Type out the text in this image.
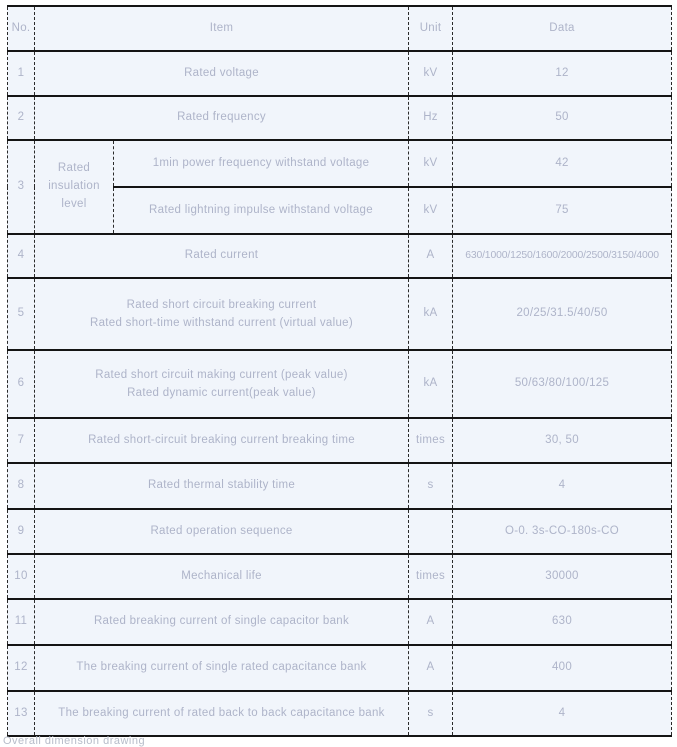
No.	Item		Unit	Data
1	Rated voltage		kV	12
2	Rated frequency		Hz	50
3	Rated insulation level	1min power frequency withstand voltage	kV	42
		Rated lightning impulse withstand voltage	kV	75
4	Rated current		A	630/1000/1250/1600/2000/2500/3150/4000
5	Rated short circuit breaking current
Rated short-time withstand current (virtual value)		kA	20/25/31.5/40/50
6	Rated short circuit making current (peak value)
Rated dynamic current(peak value)		kA	50/63/80/100/125
7	Rated short-circuit breaking current breaking time		times	30, 50
8	Rated thermal stability time		s	4
9	Rated operation sequence			O-0. 3s-CO-180s-CO
10	Mechanical life		times	30000
11	Rated breaking current of single capacitor bank		A	630
12	The breaking current of single rated capacitance bank		A	400
13	The breaking current of rated back to back capacitance bank		s	4
Overall dimension drawing
